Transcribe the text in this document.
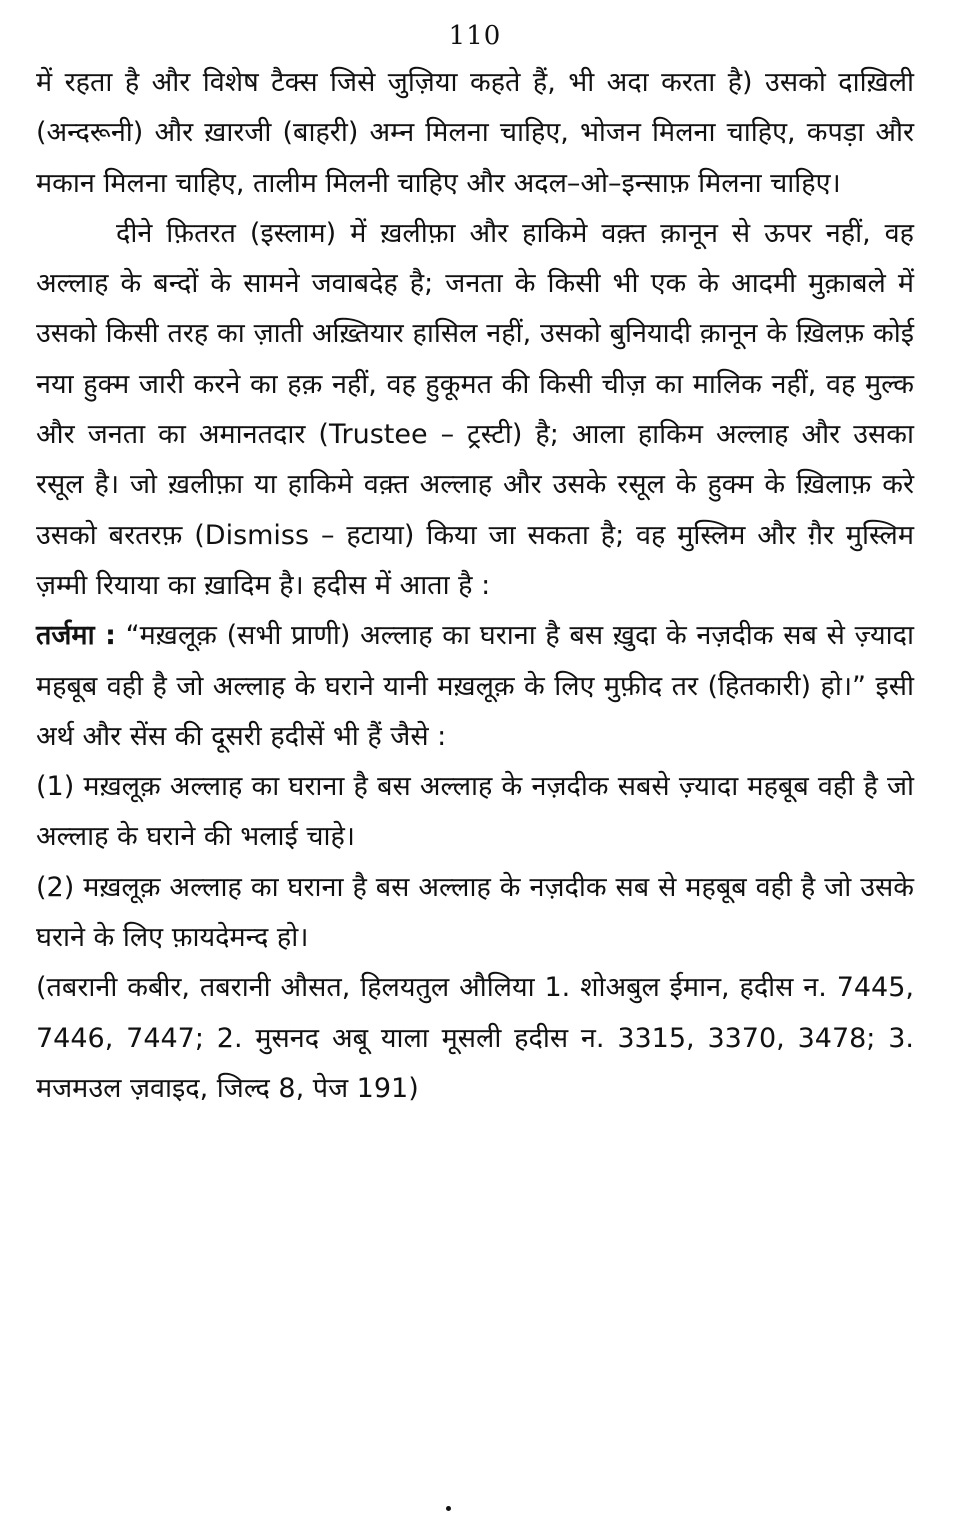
110

में रहता है और विशेष टैक्स जिसे जुज़िया कहते हैं, भी अदा करता है) उसको दाख़िली (अन्दरूनी) और ख़ारजी (बाहरी) अम्न मिलना चाहिए, भोजन मिलना चाहिए, कपड़ा और मकान मिलना चाहिए, तालीम मिलनी चाहिए और अदल–ओ–इन्साफ़ मिलना चाहिए।

दीने फ़ितरत (इस्लाम) में ख़लीफ़ा और हाकिमे वक़्त क़ानून से ऊपर नहीं, वह अल्लाह के बन्दों के सामने जवाबदेह है; जनता के किसी भी एक के आदमी मुक़ाबले में उसको किसी तरह का ज़ाती अख़्तियार हासिल नहीं, उसको बुनियादी क़ानून के ख़िलफ़ कोई नया हुक्म जारी करने का हक़ नहीं, वह हुकूमत की किसी चीज़ का मालिक नहीं, वह मुल्क और जनता का अमानतदार (Trustee – ट्रस्टी) है; आला हाकिम अल्लाह और उसका रसूल है। जो ख़लीफ़ा या हाकिमे वक़्त अल्लाह और उसके रसूल के हुक्म के ख़िलाफ़ करे उसको बरतरफ़ (Dismiss – हटाया) किया जा सकता है; वह मुस्लिम और ग़ैर मुस्लिम ज़म्मी रियाया का ख़ादिम है। हदीस में आता है :

तर्जमा : “मख़लूक़ (सभी प्राणी) अल्लाह का घराना है बस ख़ुदा के नज़दीक सब से ज़्यादा महबूब वही है जो अल्लाह के घराने यानी मख़लूक़ के लिए मुफ़ीद तर (हितकारी) हो।” इसी अर्थ और सेंस की दूसरी हदीसें भी हैं जैसे :

(1) मख़लूक़ अल्लाह का घराना है बस अल्लाह के नज़दीक सबसे ज़्यादा महबूब वही है जो अल्लाह के घराने की भलाई चाहे।

(2) मख़लूक़ अल्लाह का घराना है बस अल्लाह के नज़दीक सब से महबूब वही है जो उसके घराने के लिए फ़ायदेमन्द हो।

(तबरानी कबीर, तबरानी औसत, हिलयतुल औलिया 1. शोअबुल ईमान, हदीस न. 7445, 7446, 7447; 2. मुसनद अबू याला मूसली हदीस न. 3315, 3370, 3478; 3. मजमउल ज़वाइद, जिल्द 8, पेज 191)
